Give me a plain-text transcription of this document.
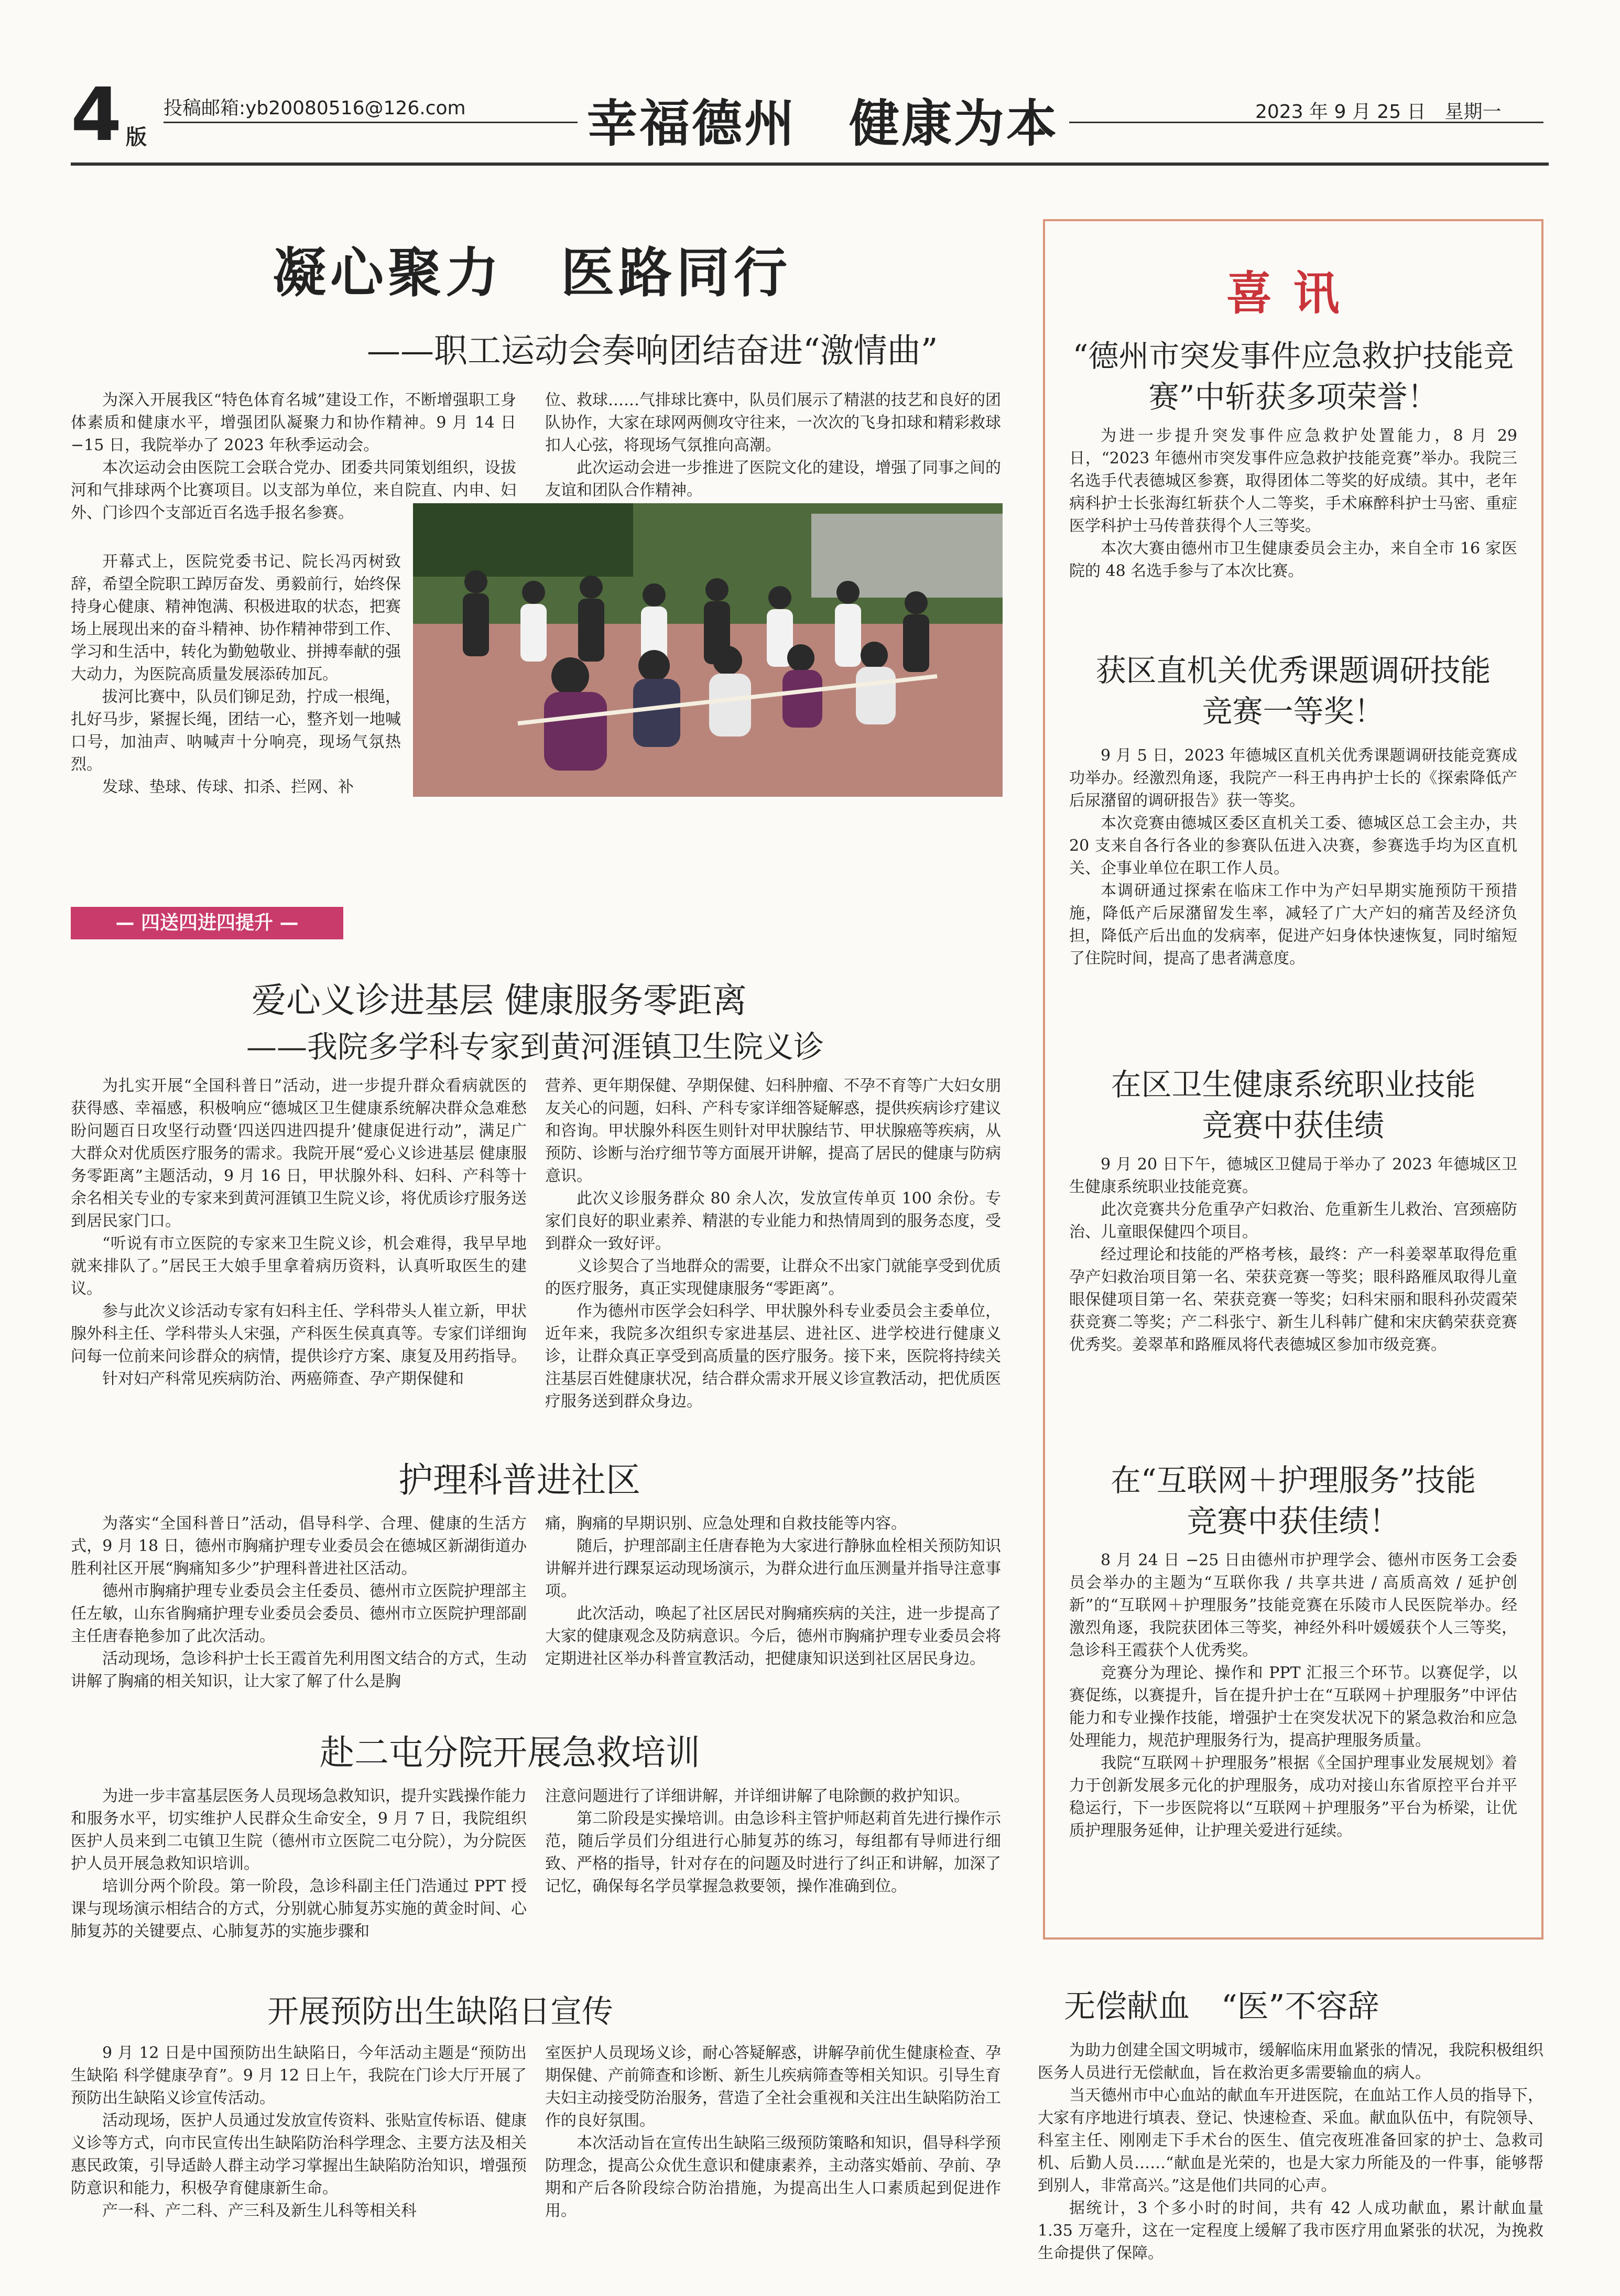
4 版
投稿邮箱:yb20080516@126.com 幸福德州　健康为本	2023 年 9 月 25 日　星期一
凝心聚力　医路同行
——职工运动会奏响团结奋进“激情曲”

为深入开展我区“特色体育名城”建设工作，不断增强职工身体素质和健康水平，增强团队凝聚力和协作精神。9 月 14 日 −15 日，我院举办了 2023 年秋季运动会。

本次运动会由医院工会联合党办、团委共同策划组织，设拔河和气排球两个比赛项目。以支部为单位，来自院直、内申、妇外、门诊四个支部近百名选手报名参赛。

开幕式上，医院党委书记、院长冯丙树致辞，希望全院职工踔厉奋发、勇毅前行，始终保持身心健康、精神饱满、积极进取的状态，把赛场上展现出来的奋斗精神、协作精神带到工作、学习和生活中，转化为勤勉敬业、拼搏奉献的强大动力，为医院高质量发展添砖加瓦。

拔河比赛中，队员们铆足劲，拧成一根绳，扎好马步，紧握长绳，团结一心，整齐划一地喊口号，加油声、呐喊声十分响亮，现场气氛热烈。

发球、垫球、传球、扣杀、拦网、补

位、救球……气排球比赛中，队员们展示了精湛的技艺和良好的团队协作，大家在球网两侧攻守往来，一次次的飞身扣球和精彩救球扣人心弦，将现场气氛推向高潮。

此次运动会进一步推进了医院文化的建设，增强了同事之间的友谊和团队合作精神。

— 四送四进四提升 —
爱心义诊进基层 健康服务零距离
——我院多学科专家到黄河涯镇卫生院义诊

为扎实开展“全国科普日”活动，进一步提升群众看病就医的获得感、幸福感，积极响应“德城区卫生健康系统解决群众急难愁盼问题百日攻坚行动暨‘四送四进四提升’健康促进行动”，满足广大群众对优质医疗服务的需求。我院开展“爱心义诊进基层 健康服务零距离”主题活动，9 月 16 日，甲状腺外科、妇科、产科等十余名相关专业的专家来到黄河涯镇卫生院义诊，将优质诊疗服务送到居民家门口。

“听说有市立医院的专家来卫生院义诊，机会难得，我早早地就来排队了。”居民王大娘手里拿着病历资料，认真听取医生的建议。

参与此次义诊活动专家有妇科主任、学科带头人崔立新，甲状腺外科主任、学科带头人宋强，产科医生侯真真等。专家们详细询问每一位前来问诊群众的病情，提供诊疗方案、康复及用药指导。

针对妇产科常见疾病防治、两癌筛查、孕产期保健和

营养、更年期保健、孕期保健、妇科肿瘤、不孕不育等广大妇女朋友关心的问题，妇科、产科专家详细答疑解惑，提供疾病诊疗建议和咨询。甲状腺外科医生则针对甲状腺结节、甲状腺癌等疾病，从预防、诊断与治疗细节等方面展开讲解，提高了居民的健康与防病意识。

此次义诊服务群众 80 余人次，发放宣传单页 100 余份。专家们良好的职业素养、精湛的专业能力和热情周到的服务态度，受到群众一致好评。

义诊契合了当地群众的需要，让群众不出家门就能享受到优质的医疗服务，真正实现健康服务“零距离”。

作为德州市医学会妇科学、甲状腺外科专业委员会主委单位，近年来，我院多次组织专家进基层、进社区、进学校进行健康义诊，让群众真正享受到高质量的医疗服务。接下来，医院将持续关注基层百姓健康状况，结合群众需求开展义诊宣教活动，把优质医疗服务送到群众身边。

护理科普进社区

为落实“全国科普日”活动，倡导科学、合理、健康的生活方式，9 月 18 日，德州市胸痛护理专业委员会在德城区新湖街道办胜利社区开展“胸痛知多少”护理科普进社区活动。

德州市胸痛护理专业委员会主任委员、德州市立医院护理部主任左敏，山东省胸痛护理专业委员会委员、德州市立医院护理部副主任唐春艳参加了此次活动。

活动现场，急诊科护士长王霞首先利用图文结合的方式，生动讲解了胸痛的相关知识，让大家了解了什么是胸

痛，胸痛的早期识别、应急处理和自救技能等内容。

随后，护理部副主任唐春艳为大家进行静脉血栓相关预防知识讲解并进行踝泵运动现场演示，为群众进行血压测量并指导注意事项。

此次活动，唤起了社区居民对胸痛疾病的关注，进一步提高了大家的健康观念及防病意识。今后，德州市胸痛护理专业委员会将定期进社区举办科普宣教活动，把健康知识送到社区居民身边。

赴二屯分院开展急救培训

为进一步丰富基层医务人员现场急救知识，提升实践操作能力和服务水平，切实维护人民群众生命安全，9 月 7 日，我院组织医护人员来到二屯镇卫生院（德州市立医院二屯分院），为分院医护人员开展急救知识培训。

培训分两个阶段。第一阶段，急诊科副主任门浩通过 PPT 授课与现场演示相结合的方式，分别就心肺复苏实施的黄金时间、心肺复苏的关键要点、心肺复苏的实施步骤和

注意问题进行了详细讲解，并详细讲解了电除颤的救护知识。

第二阶段是实操培训。由急诊科主管护师赵莉首先进行操作示范，随后学员们分组进行心肺复苏的练习，每组都有导师进行细致、严格的指导，针对存在的问题及时进行了纠正和讲解，加深了记忆，确保每名学员掌握急救要领，操作准确到位。

开展预防出生缺陷日宣传

9 月 12 日是中国预防出生缺陷日，今年活动主题是“预防出生缺陷 科学健康孕育”。9 月 12 日上午，我院在门诊大厅开展了预防出生缺陷义诊宣传活动。

活动现场，医护人员通过发放宣传资料、张贴宣传标语、健康义诊等方式，向市民宣传出生缺陷防治科学理念、主要方法及相关惠民政策，引导适龄人群主动学习掌握出生缺陷防治知识，增强预防意识和能力，积极孕育健康新生命。

产一科、产二科、产三科及新生儿科等相关科

室医护人员现场义诊，耐心答疑解惑，讲解孕前优生健康检查、孕期保健、产前筛查和诊断、新生儿疾病筛查等相关知识。引导生育夫妇主动接受防治服务，营造了全社会重视和关注出生缺陷防治工作的良好氛围。

本次活动旨在宣传出生缺陷三级预防策略和知识，倡导科学预防理念，提高公众优生意识和健康素养，主动落实婚前、孕前、孕期和产后各阶段综合防治措施，为提高出生人口素质起到促进作用。

喜讯
“德州市突发事件应急救护技能竞赛”中斩获多项荣誉！

为进一步提升突发事件应急救护处置能力，8 月 29 日，“2023 年德州市突发事件应急救护技能竞赛”举办。我院三名选手代表德城区参赛，取得团体二等奖的好成绩。其中，老年病科护士长张海红斩获个人二等奖，手术麻醉科护士马密、重症医学科护士马传普获得个人三等奖。

本次大赛由德州市卫生健康委员会主办，来自全市 16 家医院的 48 名选手参与了本次比赛。

获区直机关优秀课题调研技能竞赛一等奖！

9 月 5 日，2023 年德城区直机关优秀课题调研技能竞赛成功举办。经激烈角逐，我院产一科王冉冉护士长的《探索降低产后尿潴留的调研报告》获一等奖。

本次竞赛由德城区委区直机关工委、德城区总工会主办，共 20 支来自各行各业的参赛队伍进入决赛，参赛选手均为区直机关、企事业单位在职工作人员。

本调研通过探索在临床工作中为产妇早期实施预防干预措施，降低产后尿潴留发生率，减轻了广大产妇的痛苦及经济负担，降低产后出血的发病率，促进产妇身体快速恢复，同时缩短了住院时间，提高了患者满意度。

在区卫生健康系统职业技能竞赛中获佳绩

9 月 20 日下午，德城区卫健局于举办了 2023 年德城区卫生健康系统职业技能竞赛。

此次竞赛共分危重孕产妇救治、危重新生儿救治、宫颈癌防治、儿童眼保健四个项目。

经过理论和技能的严格考核，最终：产一科姜翠革取得危重孕产妇救治项目第一名、荣获竞赛一等奖；眼科路雁凤取得儿童眼保健项目第一名、荣获竞赛一等奖；妇科宋丽和眼科孙荧霞荣获竞赛二等奖；产二科张宁、新生儿科韩广健和宋庆鹤荣获竞赛优秀奖。姜翠革和路雁凤将代表德城区参加市级竞赛。

在“互联网＋护理服务”技能竞赛中获佳绩！

8 月 24 日 −25 日由德州市护理学会、德州市医务工会委员会举办的主题为“互联你我 / 共享共进 / 高质高效 / 延护创新”的“互联网＋护理服务”技能竞赛在乐陵市人民医院举办。经激烈角逐，我院获团体三等奖，神经外科叶媛媛获个人三等奖，急诊科王霞获个人优秀奖。

竞赛分为理论、操作和 PPT 汇报三个环节。以赛促学，以赛促练，以赛提升，旨在提升护士在“互联网＋护理服务”中评估能力和专业操作技能，增强护士在突发状况下的紧急救治和应急处理能力，规范护理服务行为，提高护理服务质量。

我院“互联网＋护理服务”根据《全国护理事业发展规划》着力于创新发展多元化的护理服务，成功对接山东省原控平台并平稳运行，下一步医院将以“互联网＋护理服务”平台为桥梁，让优质护理服务延伸，让护理关爱进行延续。

无偿献血　“医”不容辞

为助力创建全国文明城市，缓解临床用血紧张的情况，我院积极组织医务人员进行无偿献血，旨在救治更多需要输血的病人。

当天德州市中心血站的献血车开进医院，在血站工作人员的指导下，大家有序地进行填表、登记、快速检查、采血。献血队伍中，有院领导、科室主任、刚刚走下手术台的医生、值完夜班准备回家的护士、急救司机、后勤人员……“献血是光荣的，也是大家力所能及的一件事，能够帮到别人，非常高兴。”这是他们共同的心声。

据统计，3 个多小时的时间，共有 42 人成功献血，累计献血量 1.35 万毫升，这在一定程度上缓解了我市医疗用血紧张的状况，为挽救生命提供了保障。
